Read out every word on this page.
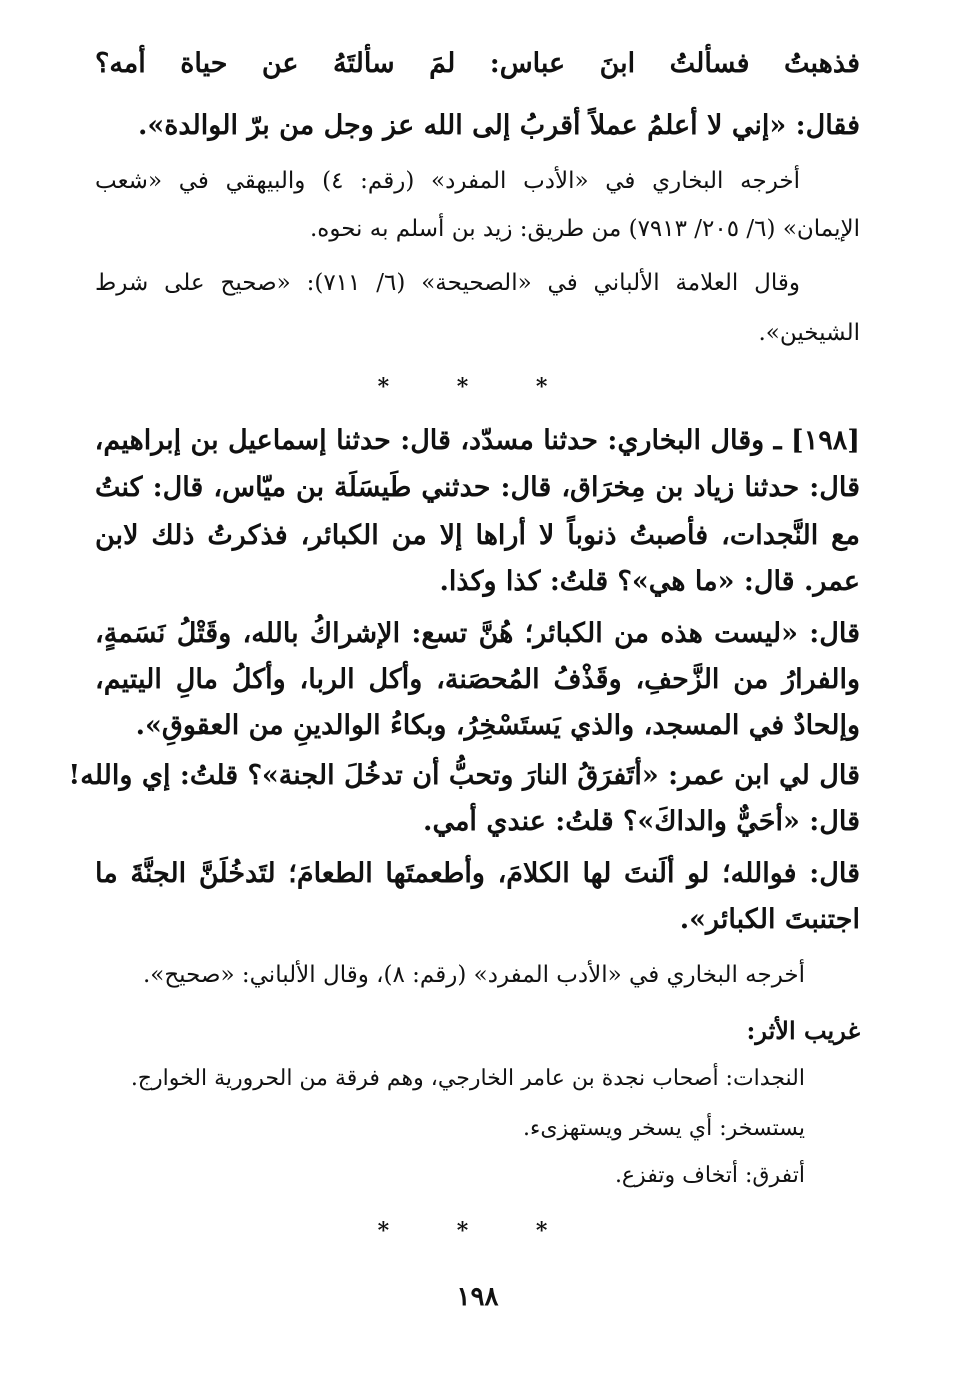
فذهبتُ فسألتُ ابنَ عباس: لمَ سألتَهُ عن حياة أمه؟
فقال: «إني لا أعلمُ عملاً أقربُ إلى الله عز وجل من برّ الوالدة».
أخرجه البخاري في «الأدب المفرد» (رقم: ٤) والبيهقي في «شعب
الإيمان» (٦/ ٢٠٥/ ٧٩١٣) من طريق: زيد بن أسلم به نحوه.
وقال العلامة الألباني في «الصحيحة» (٦/ ٧١١): «صحيح على شرط
الشيخين».
* * *
[١٩٨] ـ وقال البخاري: حدثنا مسدّد، قال: حدثنا إسماعيل بن إبراهيم،
قال: حدثنا زياد بن مِخرَاق، قال: حدثني طَيسَلَة بن ميّاس، قال: كنتُ
مع النَّجدات، فأصبتُ ذنوباً لا أراها إلا من الكبائر، فذكرتُ ذلك لابن
عمر. قال: «ما هي»؟ قلتُ: كذا وكذا.
قال: «ليست هذه من الكبائر؛ هُنَّ تسع: الإشراكُ بالله، وقَتْلُ نَسَمةٍ،
والفرارُ من الزَّحفِ، وقَذْفُ المُحصَنة، وأكل الربا، وأكلُ مالِ اليتيم،
وإلحادٌ في المسجد، والذي يَستَسْخِرُ، وبكاءُ الوالدينِ من العقوقِ».
قال لي ابن عمر: «أتَفرَقُ النارَ وتحبُّ أن تدخُلَ الجنة»؟ قلتُ: إي والله!
قال: «أحَيٌّ والداكَ»؟ قلتُ: عندي أمي.
قال: فوالله؛ لو ألَنتَ لها الكلامَ، وأطعمتَها الطعامَ؛ لتَدخُلَنَّ الجنَّةَ ما
اجتنبتَ الكبائر».
أخرجه البخاري في «الأدب المفرد» (رقم: ٨)، وقال الألباني: «صحيح».
غريب الأثر:
النجدات: أصحاب نجدة بن عامر الخارجي، وهم فرقة من الحرورية الخوارج.
يستسخر: أي يسخر ويستهزىء.
أتفرق: أتخاف وتفزع.
* * *
١٩٨
